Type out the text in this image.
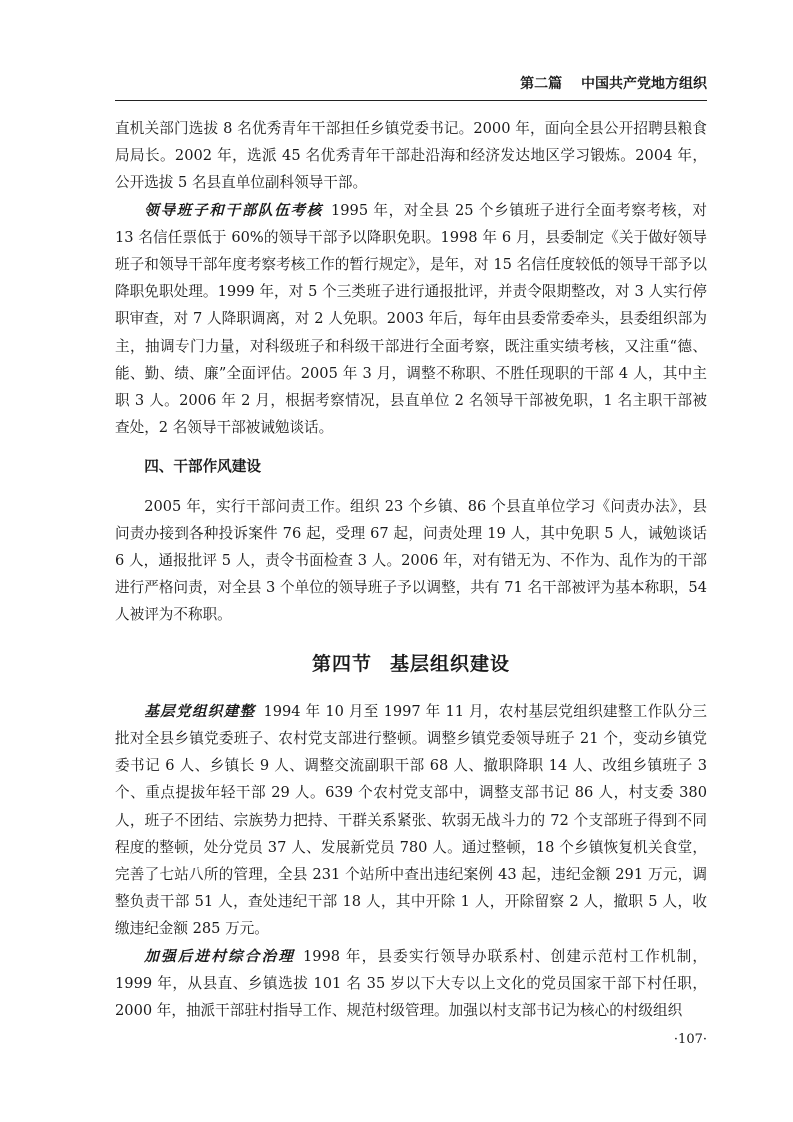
第二篇 中国共产党地方组织

直机关部门选拔 8 名优秀青年干部担任乡镇党委书记。2000 年，面向全县公开招聘县粮食局局长。2002 年，选派 45 名优秀青年干部赴沿海和经济发达地区学习锻炼。2004 年，公开选拔 5 名县直单位副科领导干部。

领导班子和干部队伍考核 1995 年，对全县 25 个乡镇班子进行全面考察考核，对 13 名信任票低于 60%的领导干部予以降职免职。1998 年 6 月，县委制定《关于做好领导班子和领导干部年度考察考核工作的暂行规定》，是年，对 15 名信任度较低的领导干部予以降职免职处理。1999 年，对 5 个三类班子进行通报批评，并责令限期整改，对 3 人实行停职审查，对 7 人降职调离，对 2 人免职。2003 年后，每年由县委常委牵头，县委组织部为主，抽调专门力量，对科级班子和科级干部进行全面考察，既注重实绩考核，又注重“德、能、勤、绩、廉”全面评估。2005 年 3 月，调整不称职、不胜任现职的干部 4 人，其中主职 3 人。2006 年 2 月，根据考察情况，县直单位 2 名领导干部被免职，1 名主职干部被查处，2 名领导干部被诫勉谈话。

四、干部作风建设

2005 年，实行干部问责工作。组织 23 个乡镇、86 个县直单位学习《问责办法》，县问责办接到各种投诉案件 76 起，受理 67 起，问责处理 19 人，其中免职 5 人，诫勉谈话 6 人，通报批评 5 人，责令书面检查 3 人。2006 年，对有错无为、不作为、乱作为的干部进行严格问责，对全县 3 个单位的领导班子予以调整，共有 71 名干部被评为基本称职，54 人被评为不称职。

第四节 基层组织建设

基层党组织建整 1994 年 10 月至 1997 年 11 月，农村基层党组织建整工作队分三批对全县乡镇党委班子、农村党支部进行整顿。调整乡镇党委领导班子 21 个，变动乡镇党委书记 6 人、乡镇长 9 人、调整交流副职干部 68 人、撤职降职 14 人、改组乡镇班子 3 个、重点提拔年轻干部 29 人。639 个农村党支部中，调整支部书记 86 人，村支委 380 人，班子不团结、宗族势力把持、干群关系紧张、软弱无战斗力的 72 个支部班子得到不同程度的整顿，处分党员 37 人、发展新党员 780 人。通过整顿，18 个乡镇恢复机关食堂，完善了七站八所的管理，全县 231 个站所中查出违纪案例 43 起，违纪金额 291 万元，调整负责干部 51 人，查处违纪干部 18 人，其中开除 1 人，开除留察 2 人，撤职 5 人，收缴违纪金额 285 万元。

加强后进村综合治理 1998 年，县委实行领导办联系村、创建示范村工作机制，1999 年，从县直、乡镇选拔 101 名 35 岁以下大专以上文化的党员国家干部下村任职，2000 年，抽派干部驻村指导工作、规范村级管理。加强以村支部书记为核心的村级组织

·107·
